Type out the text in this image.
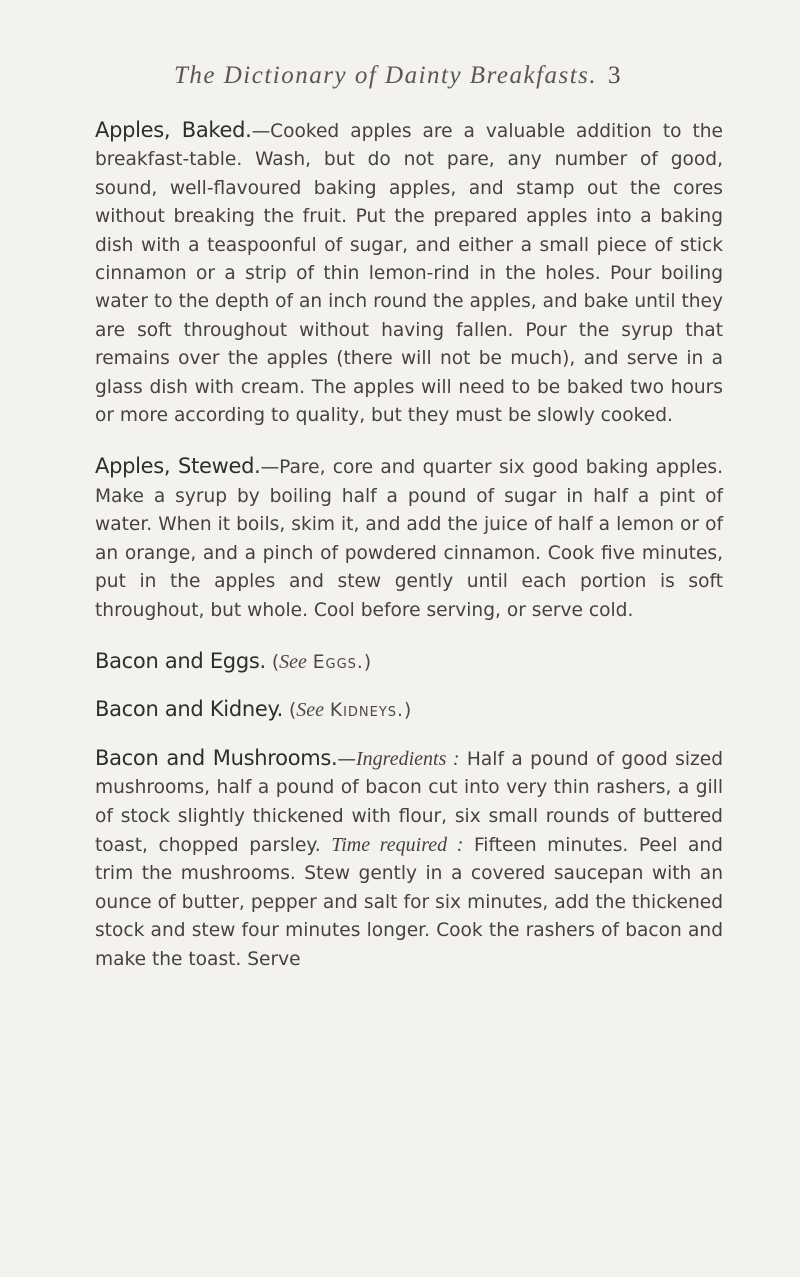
The Dictionary of Dainty Breakfasts. 3

Apples, Baked.—Cooked apples are a valuable addition to the breakfast-table. Wash, but do not pare, any number of good, sound, well-flavoured baking apples, and stamp out the cores without breaking the fruit. Put the prepared apples into a baking dish with a teaspoonful of sugar, and either a small piece of stick cinnamon or a strip of thin lemon-rind in the holes. Pour boiling water to the depth of an inch round the apples, and bake until they are soft throughout without having fallen. Pour the syrup that remains over the apples (there will not be much), and serve in a glass dish with cream. The apples will need to be baked two hours or more according to quality, but they must be slowly cooked.

Apples, Stewed.—Pare, core and quarter six good baking apples. Make a syrup by boiling half a pound of sugar in half a pint of water. When it boils, skim it, and add the juice of half a lemon or of an orange, and a pinch of powdered cinnamon. Cook five minutes, put in the apples and stew gently until each portion is soft throughout, but whole. Cool before serving, or serve cold.

Bacon and Eggs. (See Eggs.)

Bacon and Kidney. (See Kidneys.)

Bacon and Mushrooms.—Ingredients : Half a pound of good sized mushrooms, half a pound of bacon cut into very thin rashers, a gill of stock slightly thickened with flour, six small rounds of buttered toast, chopped parsley. Time required : Fifteen minutes. Peel and trim the mushrooms. Stew gently in a covered saucepan with an ounce of butter, pepper and salt for six minutes, add the thickened stock and stew four minutes longer. Cook the rashers of bacon and make the toast. Serve
